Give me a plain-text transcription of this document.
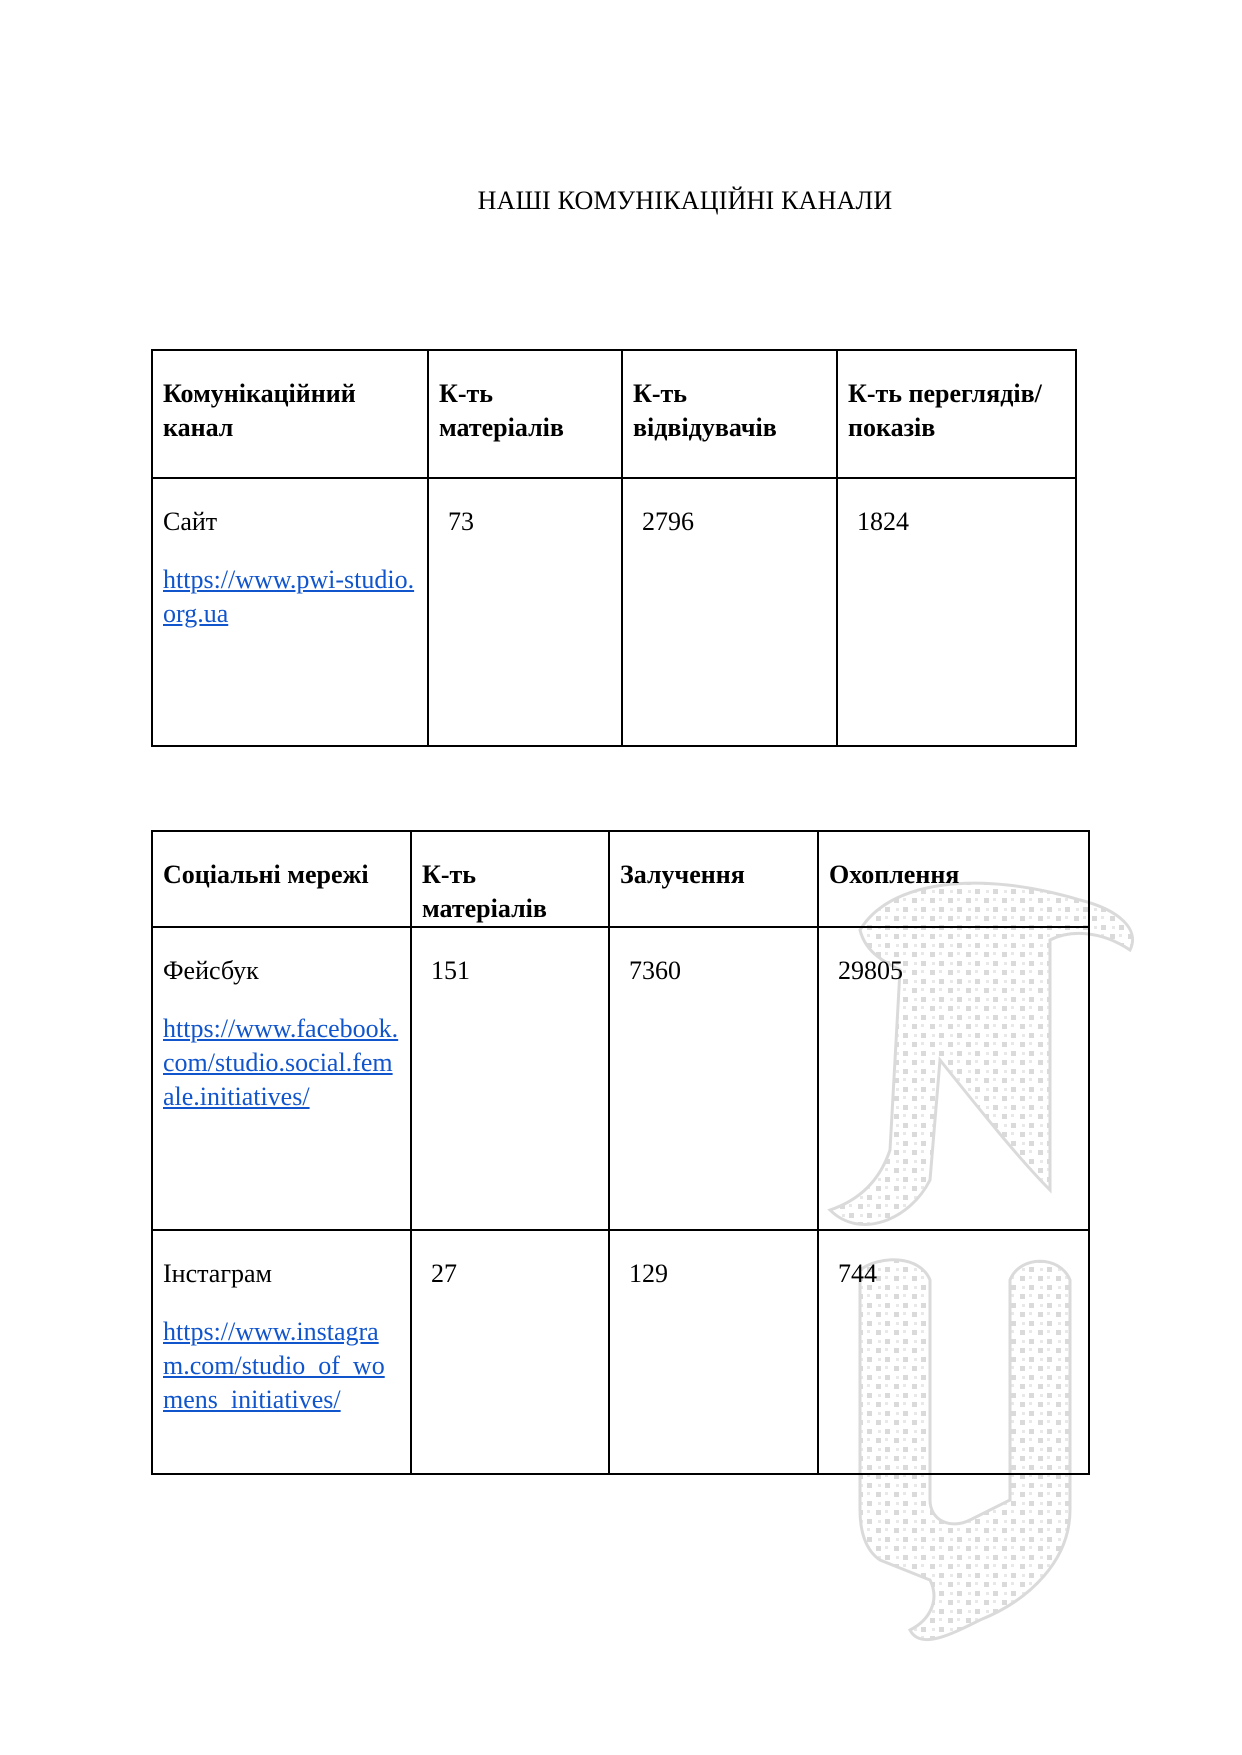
НАШІ КОМУНІКАЦІЙНІ КАНАЛИ
Комунікаційний канал	К-ть матеріалів	К-ть відвідувачів	К-ть переглядів/показів

Сайт
https://www.pwi-studio.org.ua	73	2796	1824
Соціальні мережі	К-ть матеріалів	Залучення	Охоплення

Фейсбук
https://www.facebook.com/studio.social.female.initiatives/	151	7360	29805

Інстаграм
https://www.instagram.com/studio_of_womens_initiatives/	27	129	744
